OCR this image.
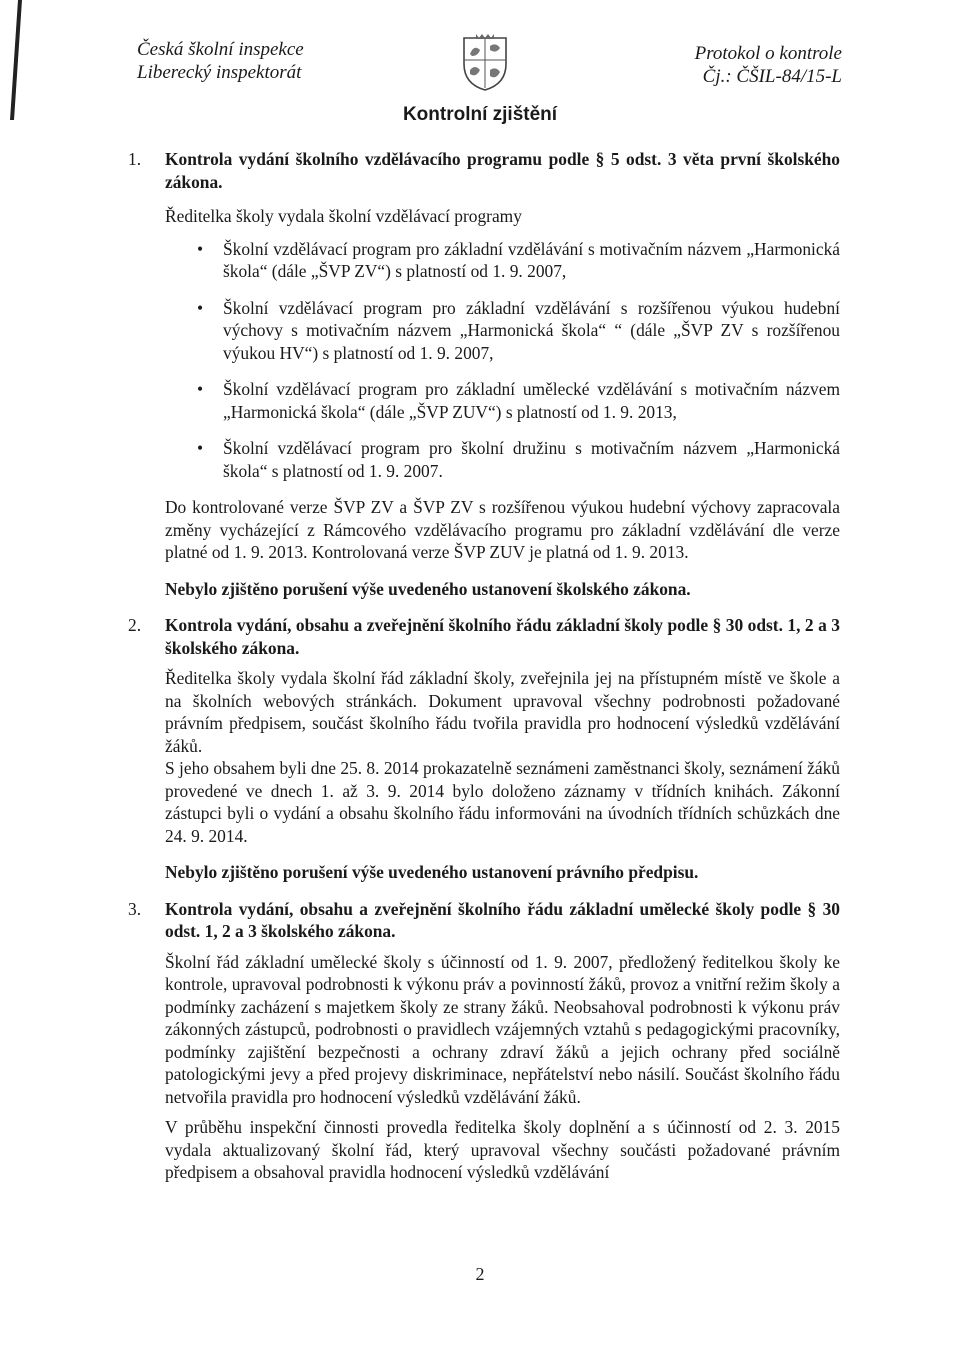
Česká školní inspekce
Liberecký inspektorát
Protokol o kontrole
Čj.: ČŠIL-84/15-L
Kontrolní zjištění
1. Kontrola vydání školního vzdělávacího programu podle § 5 odst. 3 věta první školského zákona.

Ředitelka školy vydala školní vzdělávací programy

• Školní vzdělávací program pro základní vzdělávání s motivačním názvem „Harmonická škola“ (dále „ŠVP ZV“) s platností od 1. 9. 2007,

• Školní vzdělávací program pro základní vzdělávání s rozšířenou výukou hudební výchovy s motivačním názvem „Harmonická škola“ “ (dále „ŠVP ZV s rozšířenou výukou HV“) s platností od 1. 9. 2007,

• Školní vzdělávací program pro základní umělecké vzdělávání s motivačním názvem „Harmonická škola“ (dále „ŠVP ZUV“) s platností od 1. 9. 2013,

• Školní vzdělávací program pro školní družinu s motivačním názvem „Harmonická škola“ s platností od 1. 9. 2007.

Do kontrolované verze ŠVP ZV a ŠVP ZV s rozšířenou výukou hudební výchovy zapracovala změny vycházející z Rámcového vzdělávacího programu pro základní vzdělávání dle verze platné od 1. 9. 2013. Kontrolovaná verze ŠVP ZUV je platná od 1. 9. 2013.

Nebylo zjištěno porušení výše uvedeného ustanovení školského zákona.

2. Kontrola vydání, obsahu a zveřejnění školního řádu základní školy podle § 30 odst. 1, 2 a 3 školského zákona.

Ředitelka školy vydala školní řád základní školy, zveřejnila jej na přístupném místě ve škole a na školních webových stránkách. Dokument upravoval všechny podrobnosti požadované právním předpisem, součást školního řádu tvořila pravidla pro hodnocení výsledků vzdělávání žáků.

S jeho obsahem byli dne 25. 8. 2014 prokazatelně seznámeni zaměstnanci školy, seznámení žáků provedené ve dnech 1. až 3. 9. 2014 bylo doloženo záznamy v třídních knihách. Zákonní zástupci byli o vydání a obsahu školního řádu informováni na úvodních třídních schůzkách dne 24. 9. 2014.

Nebylo zjištěno porušení výše uvedeného ustanovení právního předpisu.

3. Kontrola vydání, obsahu a zveřejnění školního řádu základní umělecké školy podle § 30 odst. 1, 2 a 3 školského zákona.

Školní řád základní umělecké školy s účinností od 1. 9. 2007, předložený ředitelkou školy ke kontrole, upravoval podrobnosti k výkonu práv a povinností žáků, provoz a vnitřní režim školy a podmínky zacházení s majetkem školy ze strany žáků. Neobsahoval podrobnosti k výkonu práv zákonných zástupců, podrobnosti o pravidlech vzájemných vztahů s pedagogickými pracovníky, podmínky zajištění bezpečnosti a ochrany zdraví žáků a jejich ochrany před sociálně patologickými jevy a před projevy diskriminace, nepřátelství nebo násilí. Součást školního řádu netvořila pravidla pro hodnocení výsledků vzdělávání žáků.

V průběhu inspekční činnosti provedla ředitelka školy doplnění a s účinností od 2. 3. 2015 vydala aktualizovaný školní řád, který upravoval všechny součásti požadované právním předpisem a obsahoval pravidla hodnocení výsledků vzdělávání

2
